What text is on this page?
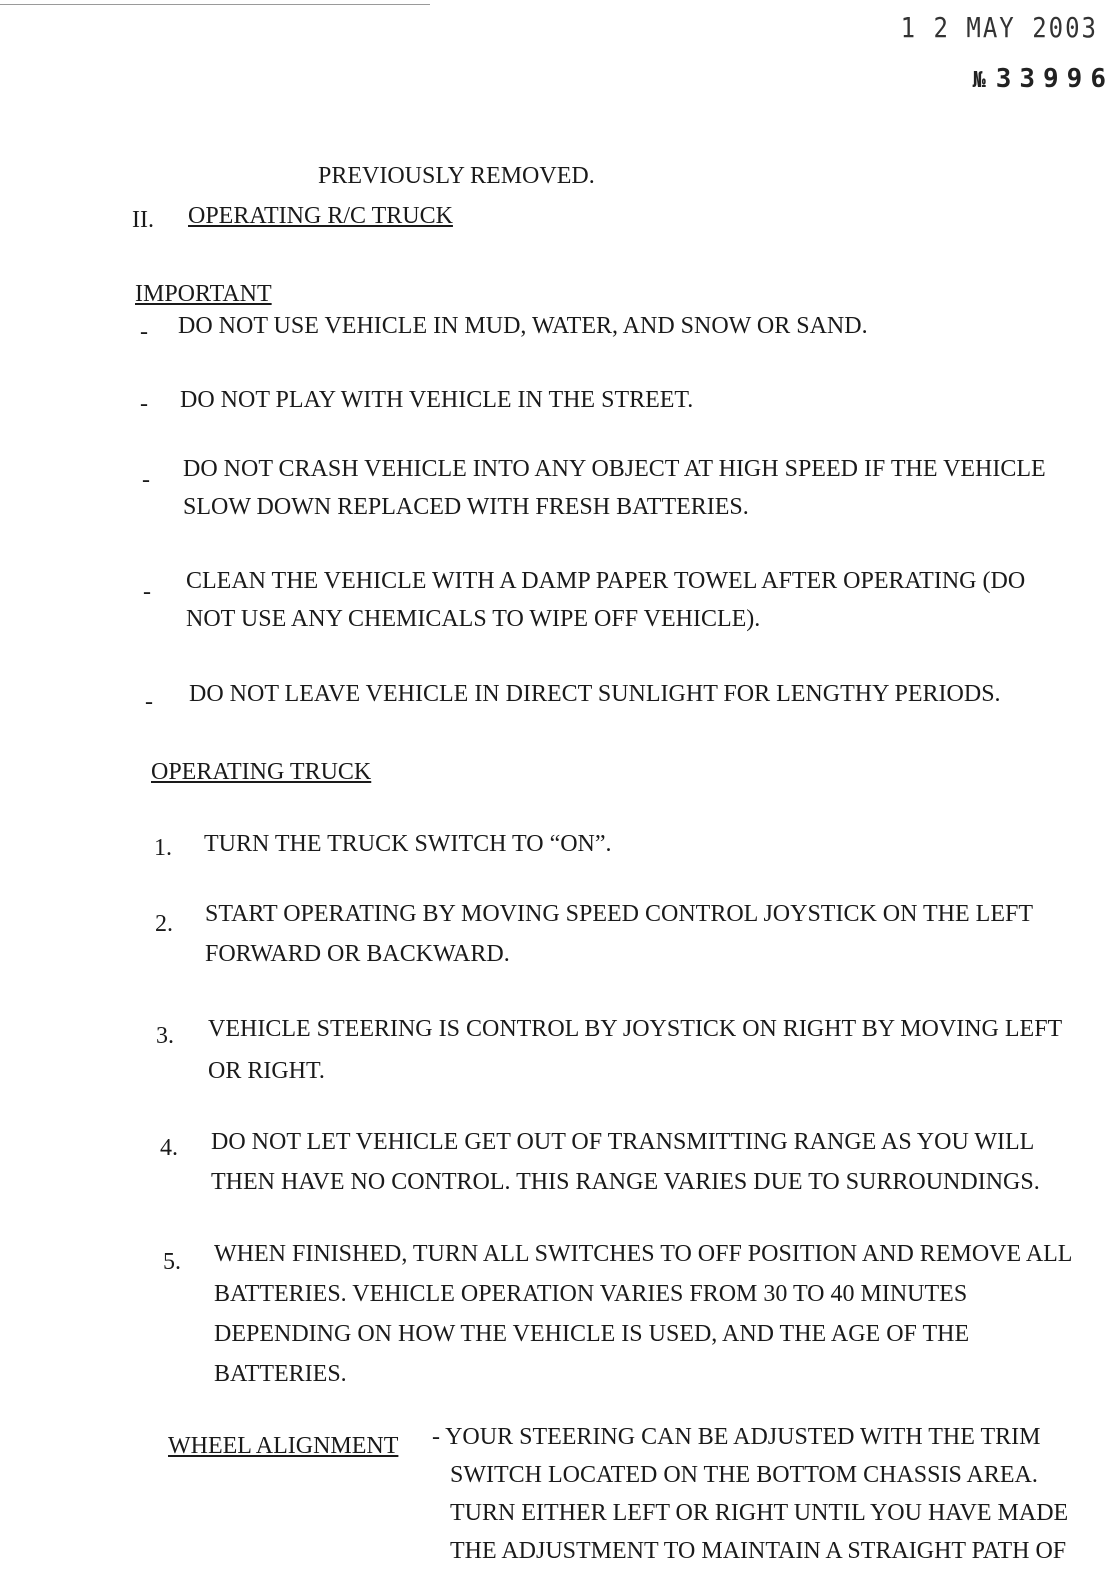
1 2 MAY 2003
№ 33996
PREVIOUSLY REMOVED.
II. OPERATING R/C TRUCK
IMPORTANT
- DO NOT USE VEHICLE IN MUD, WATER, AND SNOW OR SAND.
- DO NOT PLAY WITH VEHICLE IN THE STREET.
- DO NOT CRASH VEHICLE INTO ANY OBJECT AT HIGH SPEED IF THE VEHICLE
SLOW DOWN REPLACED WITH FRESH BATTERIES.
- CLEAN THE VEHICLE WITH A DAMP PAPER TOWEL AFTER OPERATING (DO
NOT USE ANY CHEMICALS TO WIPE OFF VEHICLE).
- DO NOT LEAVE VEHICLE IN DIRECT SUNLIGHT FOR LENGTHY PERIODS.
OPERATING TRUCK
1. TURN THE TRUCK SWITCH TO “ON”.
2. START OPERATING BY MOVING SPEED CONTROL JOYSTICK ON THE LEFT
FORWARD OR BACKWARD.
3. VEHICLE STEERING IS CONTROL BY JOYSTICK ON RIGHT BY MOVING LEFT
OR RIGHT.
4. DO NOT LET VEHICLE GET OUT OF TRANSMITTING RANGE AS YOU WILL
THEN HAVE NO CONTROL. THIS RANGE VARIES DUE TO SURROUNDINGS.
5. WHEN FINISHED, TURN ALL SWITCHES TO OFF POSITION AND REMOVE ALL
BATTERIES. VEHICLE OPERATION VARIES FROM 30 TO 40 MINUTES
DEPENDING ON HOW THE VEHICLE IS USED, AND THE AGE OF THE
BATTERIES.
WHEEL ALIGNMENT - YOUR STEERING CAN BE ADJUSTED WITH THE TRIM
SWITCH LOCATED ON THE BOTTOM CHASSIS AREA.
TURN EITHER LEFT OR RIGHT UNTIL YOU HAVE MADE
THE ADJUSTMENT TO MAINTAIN A STRAIGHT PATH OF
